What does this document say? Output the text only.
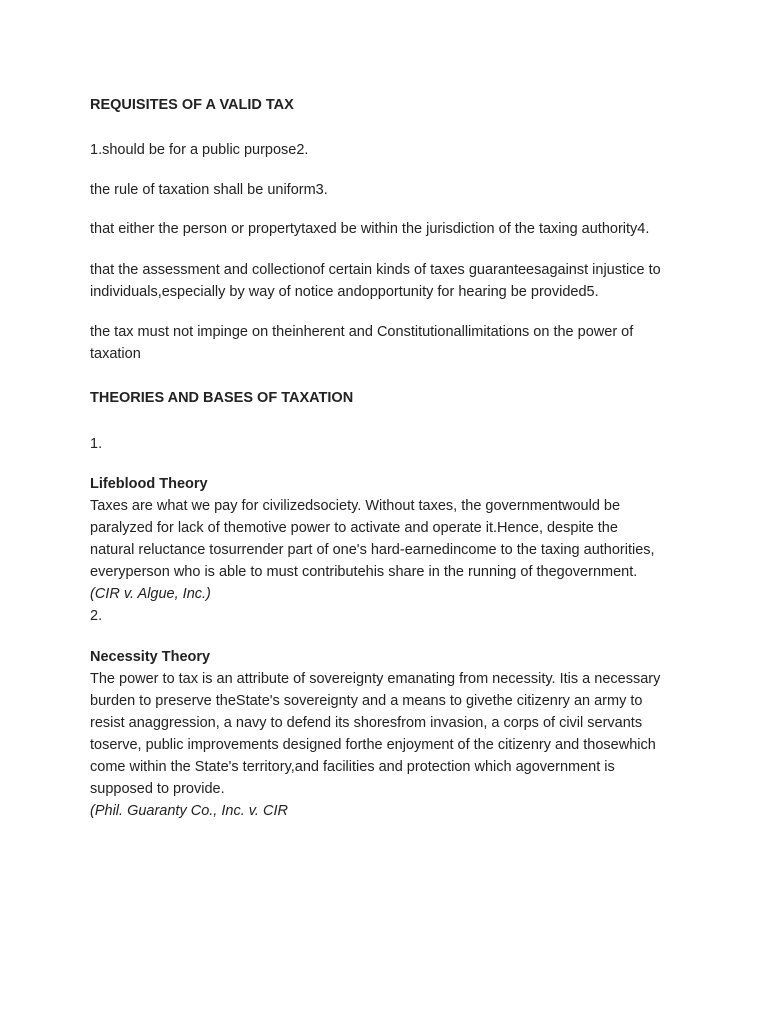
REQUISITES OF A VALID TAX

1.should be for a public purpose2.

the rule of taxation shall be uniform3.

that either the person or propertytaxed be within the jurisdiction of the taxing authority4.

that the assessment and collectionof certain kinds of taxes guaranteesagainst injustice to individuals,especially by way of notice andopportunity for hearing be provided5.

the tax must not impinge on theinherent and Constitutionallimitations on the power of taxation

THEORIES AND BASES OF TAXATION

1.

Lifeblood Theory
Taxes are what we pay for civilizedsociety. Without taxes, the governmentwould be paralyzed for lack of themotive power to activate and operate it.Hence, despite the natural reluctance tosurrender part of one's hard-earnedincome to the taxing authorities, everyperson who is able to must contributehis share in the running of thegovernment.
(CIR v. Algue, Inc.)
2.
Necessity Theory
The power to tax is an attribute of sovereignty emanating from necessity. Itis a necessary burden to preserve theState's sovereignty and a means to givethe citizenry an army to resist anaggression, a navy to defend its shoresfrom invasion, a corps of civil servants toserve, public improvements designed forthe enjoyment of the citizenry and thosewhich come within the State's territory,and facilities and protection which agovernment is supposed to provide.
(Phil. Guaranty Co., Inc. v. CIR
